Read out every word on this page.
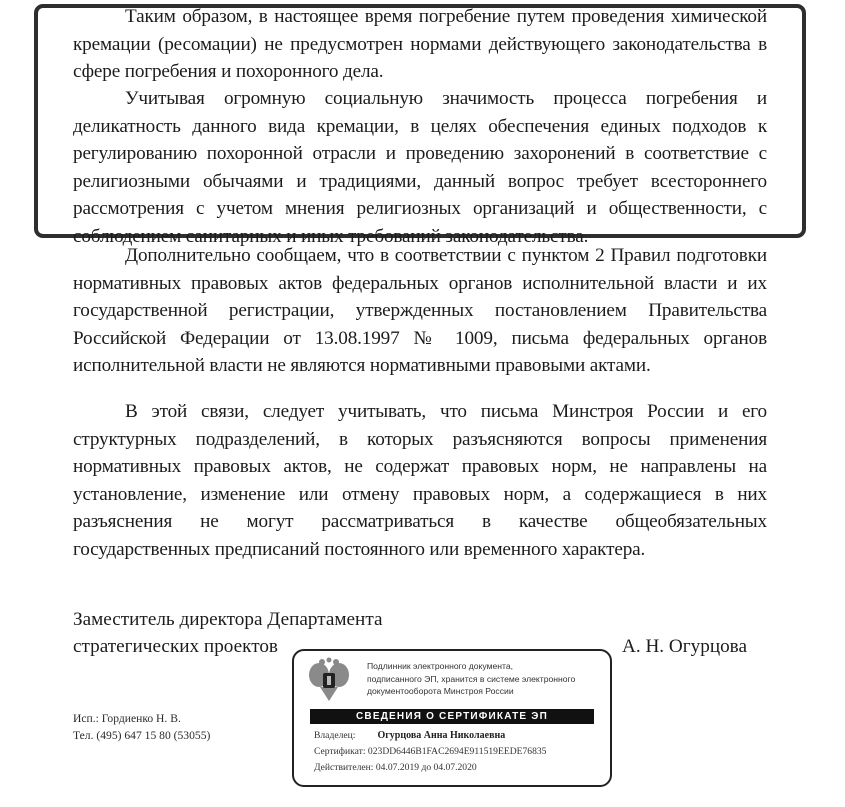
Таким образом, в настоящее время погребение путем проведения химической кремации (ресомации) не предусмотрен нормами действующего законодательства в сфере погребения и похоронного дела.

Учитывая огромную социальную значимость процесса погребения и деликатность данного вида кремации, в целях обеспечения единых подходов к регулированию похоронной отрасли и проведению захоронений в соответствие с религиозными обычаями и традициями, данный вопрос требует всестороннего рассмотрения с учетом мнения религиозных организаций и общественности, с соблюдением санитарных и иных требований законодательства.

Дополнительно сообщаем, что в соответствии с пунктом 2 Правил подготовки нормативных правовых актов федеральных органов исполнительной власти и их государственной регистрации, утвержденных постановлением Правительства Российской Федерации от 13.08.1997 № 1009, письма федеральных органов исполнительной власти не являются нормативными правовыми актами.

В этой связи, следует учитывать, что письма Минстроя России и его структурных подразделений, в которых разъясняются вопросы применения нормативных правовых актов, не содержат правовых норм, не направлены на установление, изменение или отмену правовых норм, а содержащиеся в них разъяснения не могут рассматриваться в качестве общеобязательных государственных предписаний постоянного или временного характера.

Заместитель директора Департамента
стратегических проектов	А. Н. Огурцова
Исп.: Гордиенко Н. В.
Тел. (495) 647 15 80 (53055)
Подлинник электронного документа,
подписанного ЭП, хранится в системе электронного
документооборота Минстроя России
СВЕДЕНИЯ О СЕРТИФИКАТЕ ЭП
Владелец: Огурцова Анна Николаевна
Сертификат: 023DD6446B1FAC2694E911519EEDE76835
Действителен: 04.07.2019 до 04.07.2020
